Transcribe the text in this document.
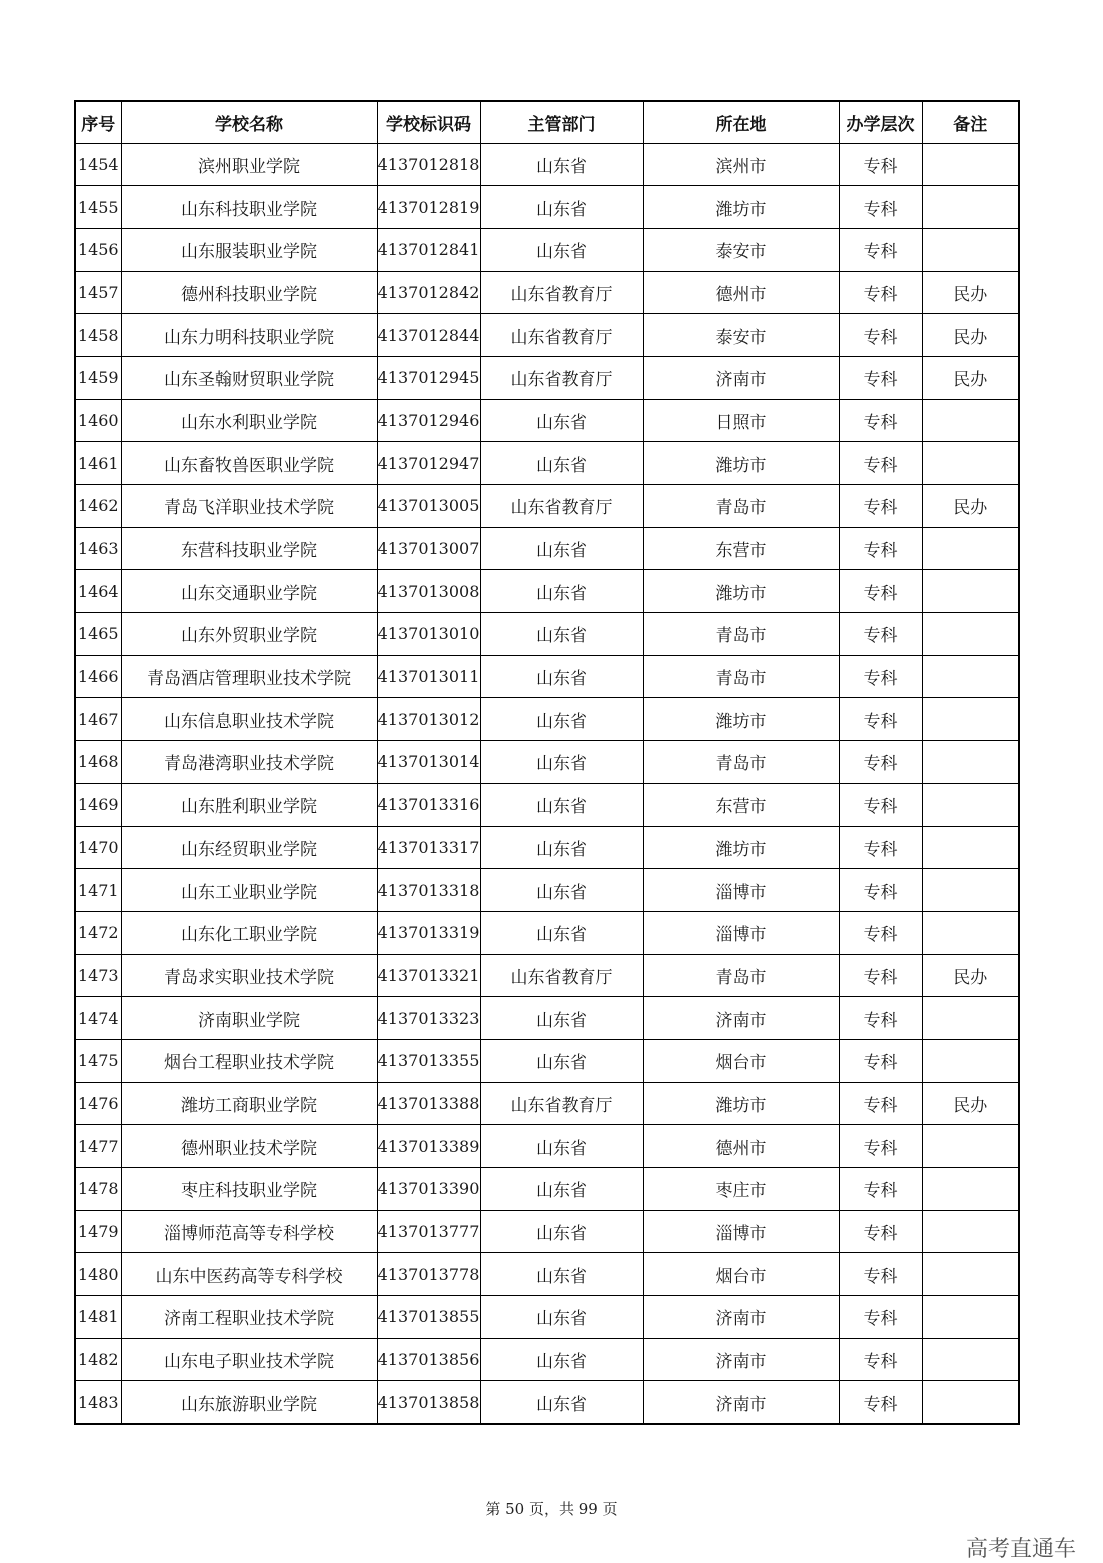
序号	学校名称	学校标识码	主管部门	所在地	办学层次	备注
1454	滨州职业学院	4137012818	山东省	滨州市	专科	
1455	山东科技职业学院	4137012819	山东省	潍坊市	专科	
1456	山东服装职业学院	4137012841	山东省	泰安市	专科	
1457	德州科技职业学院	4137012842	山东省教育厅	德州市	专科	民办
1458	山东力明科技职业学院	4137012844	山东省教育厅	泰安市	专科	民办
1459	山东圣翰财贸职业学院	4137012945	山东省教育厅	济南市	专科	民办
1460	山东水利职业学院	4137012946	山东省	日照市	专科	
1461	山东畜牧兽医职业学院	4137012947	山东省	潍坊市	专科	
1462	青岛飞洋职业技术学院	4137013005	山东省教育厅	青岛市	专科	民办
1463	东营科技职业学院	4137013007	山东省	东营市	专科	
1464	山东交通职业学院	4137013008	山东省	潍坊市	专科	
1465	山东外贸职业学院	4137013010	山东省	青岛市	专科	
1466	青岛酒店管理职业技术学院	4137013011	山东省	青岛市	专科	
1467	山东信息职业技术学院	4137013012	山东省	潍坊市	专科	
1468	青岛港湾职业技术学院	4137013014	山东省	青岛市	专科	
1469	山东胜利职业学院	4137013316	山东省	东营市	专科	
1470	山东经贸职业学院	4137013317	山东省	潍坊市	专科	
1471	山东工业职业学院	4137013318	山东省	淄博市	专科	
1472	山东化工职业学院	4137013319	山东省	淄博市	专科	
1473	青岛求实职业技术学院	4137013321	山东省教育厅	青岛市	专科	民办
1474	济南职业学院	4137013323	山东省	济南市	专科	
1475	烟台工程职业技术学院	4137013355	山东省	烟台市	专科	
1476	潍坊工商职业学院	4137013388	山东省教育厅	潍坊市	专科	民办
1477	德州职业技术学院	4137013389	山东省	德州市	专科	
1478	枣庄科技职业学院	4137013390	山东省	枣庄市	专科	
1479	淄博师范高等专科学校	4137013777	山东省	淄博市	专科	
1480	山东中医药高等专科学校	4137013778	山东省	烟台市	专科	
1481	济南工程职业技术学院	4137013855	山东省	济南市	专科	
1482	山东电子职业技术学院	4137013856	山东省	济南市	专科	
1483	山东旅游职业学院	4137013858	山东省	济南市	专科	
第 50 页，共 99 页
高考直通车
